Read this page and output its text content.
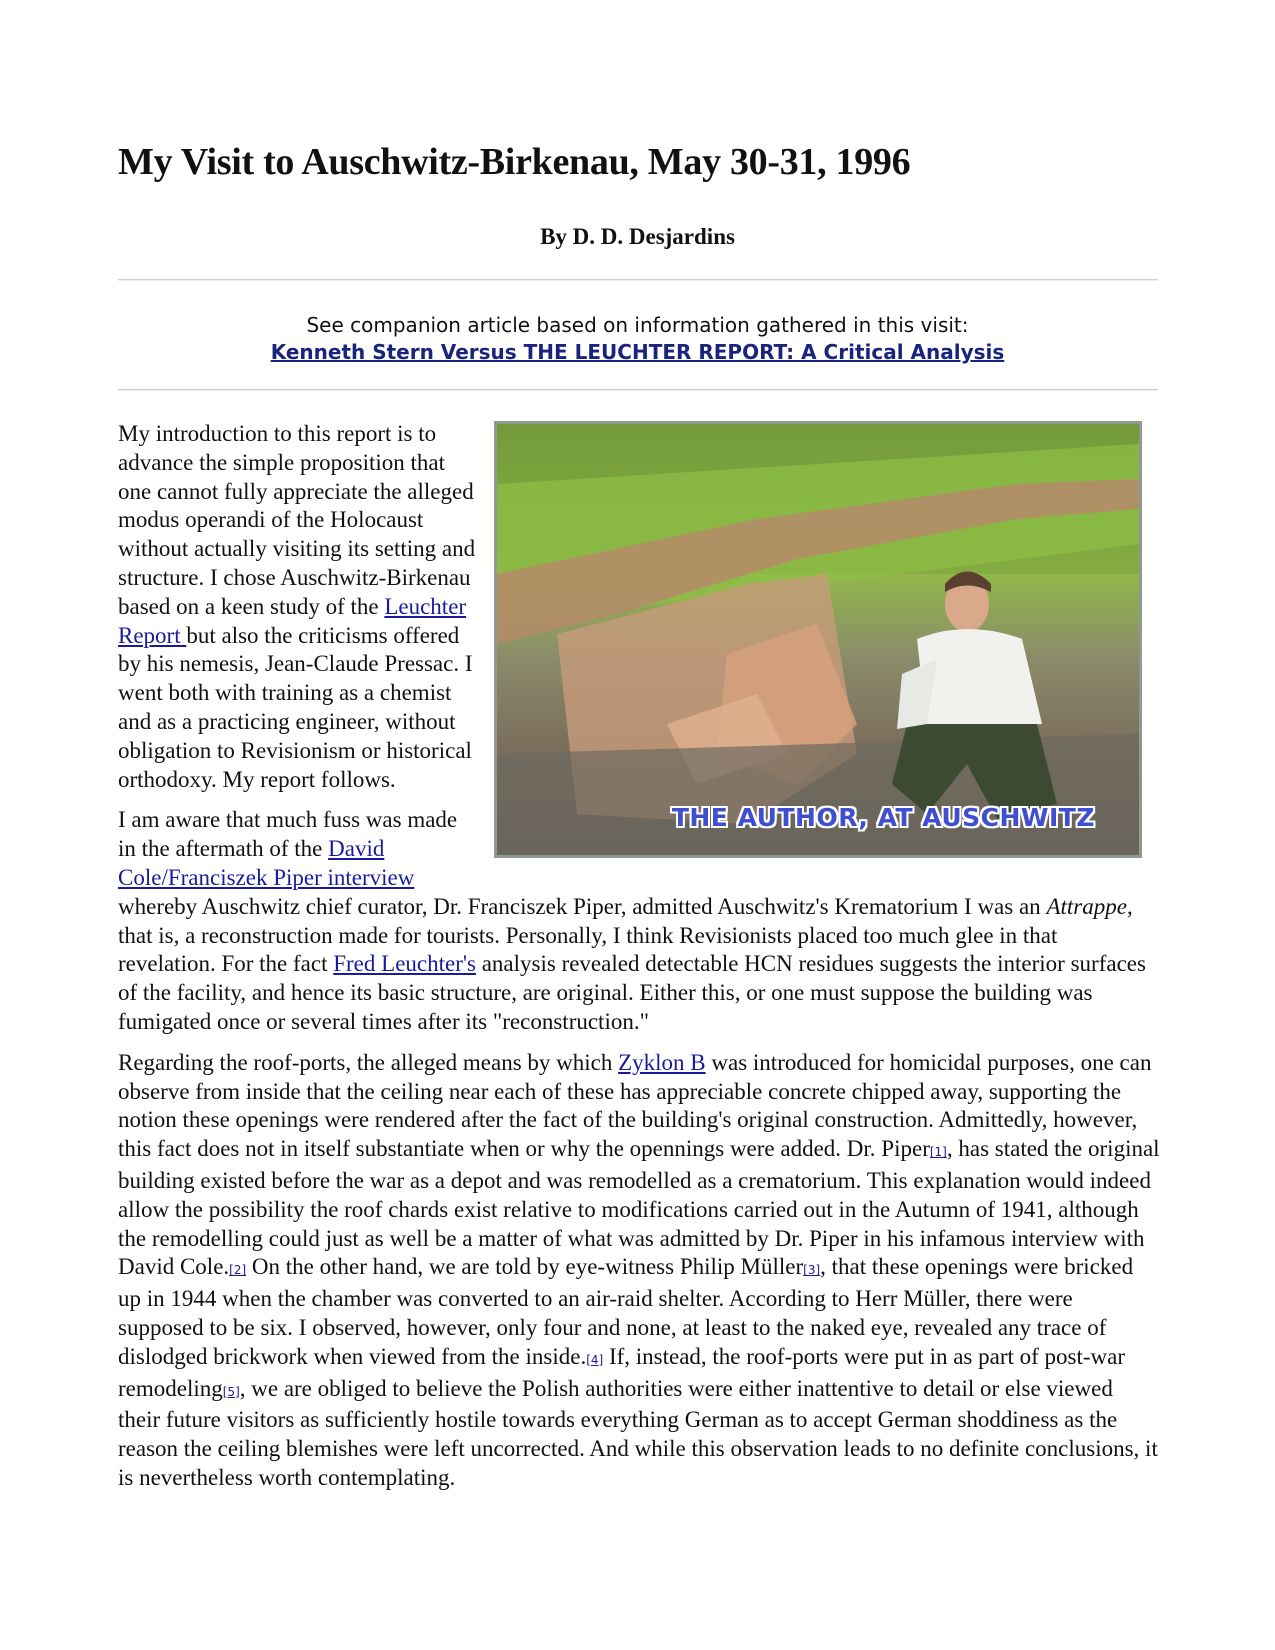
My Visit to Auschwitz-Birkenau, May 30-31, 1996
By D. D. Desjardins
See companion article based on information gathered in this visit:
Kenneth Stern Versus THE LEUCHTER REPORT: A Critical Analysis
THE AUTHOR, AT AUSCHWITZ

My introduction to this report is to advance the simple proposition that one cannot fully appreciate the alleged modus operandi of the Holocaust without actually visiting its setting and structure. I chose Auschwitz-Birkenau based on a keen study of the Leuchter Report but also the criticisms offered by his nemesis, Jean-Claude Pressac. I went both with training as a chemist and as a practicing engineer, without obligation to Revisionism or historical orthodoxy. My report follows.

I am aware that much fuss was made in the aftermath of the David Cole/Franciszek Piper interview whereby Auschwitz chief curator, Dr. Franciszek Piper, admitted Auschwitz's Krematorium I was an Attrappe, that is, a reconstruction made for tourists. Personally, I think Revisionists placed too much glee in that revelation. For the fact Fred Leuchter's analysis revealed detectable HCN residues suggests the interior surfaces of the facility, and hence its basic structure, are original. Either this, or one must suppose the building was fumigated once or several times after its "reconstruction."

Regarding the roof-ports, the alleged means by which Zyklon B was introduced for homicidal purposes, one can observe from inside that the ceiling near each of these has appreciable concrete chipped away, supporting the notion these openings were rendered after the fact of the building's original construction. Admittedly, however, this fact does not in itself substantiate when or why the opennings were added. Dr. Piper[1], has stated the original building existed before the war as a depot and was remodelled as a crematorium. This explanation would indeed allow the possibility the roof chards exist relative to modifications carried out in the Autumn of 1941, although the remodelling could just as well be a matter of what was admitted by Dr. Piper in his infamous interview with David Cole.[2] On the other hand, we are told by eye-witness Philip Müller[3], that these openings were bricked up in 1944 when the chamber was converted to an air-raid shelter. According to Herr Müller, there were supposed to be six. I observed, however, only four and none, at least to the naked eye, revealed any trace of dislodged brickwork when viewed from the inside.[4] If, instead, the roof-ports were put in as part of post-war remodeling[5], we are obliged to believe the Polish authorities were either inattentive to detail or else viewed their future visitors as sufficiently hostile towards everything German as to accept German shoddiness as the reason the ceiling blemishes were left uncorrected. And while this observation leads to no definite conclusions, it is nevertheless worth contemplating.
